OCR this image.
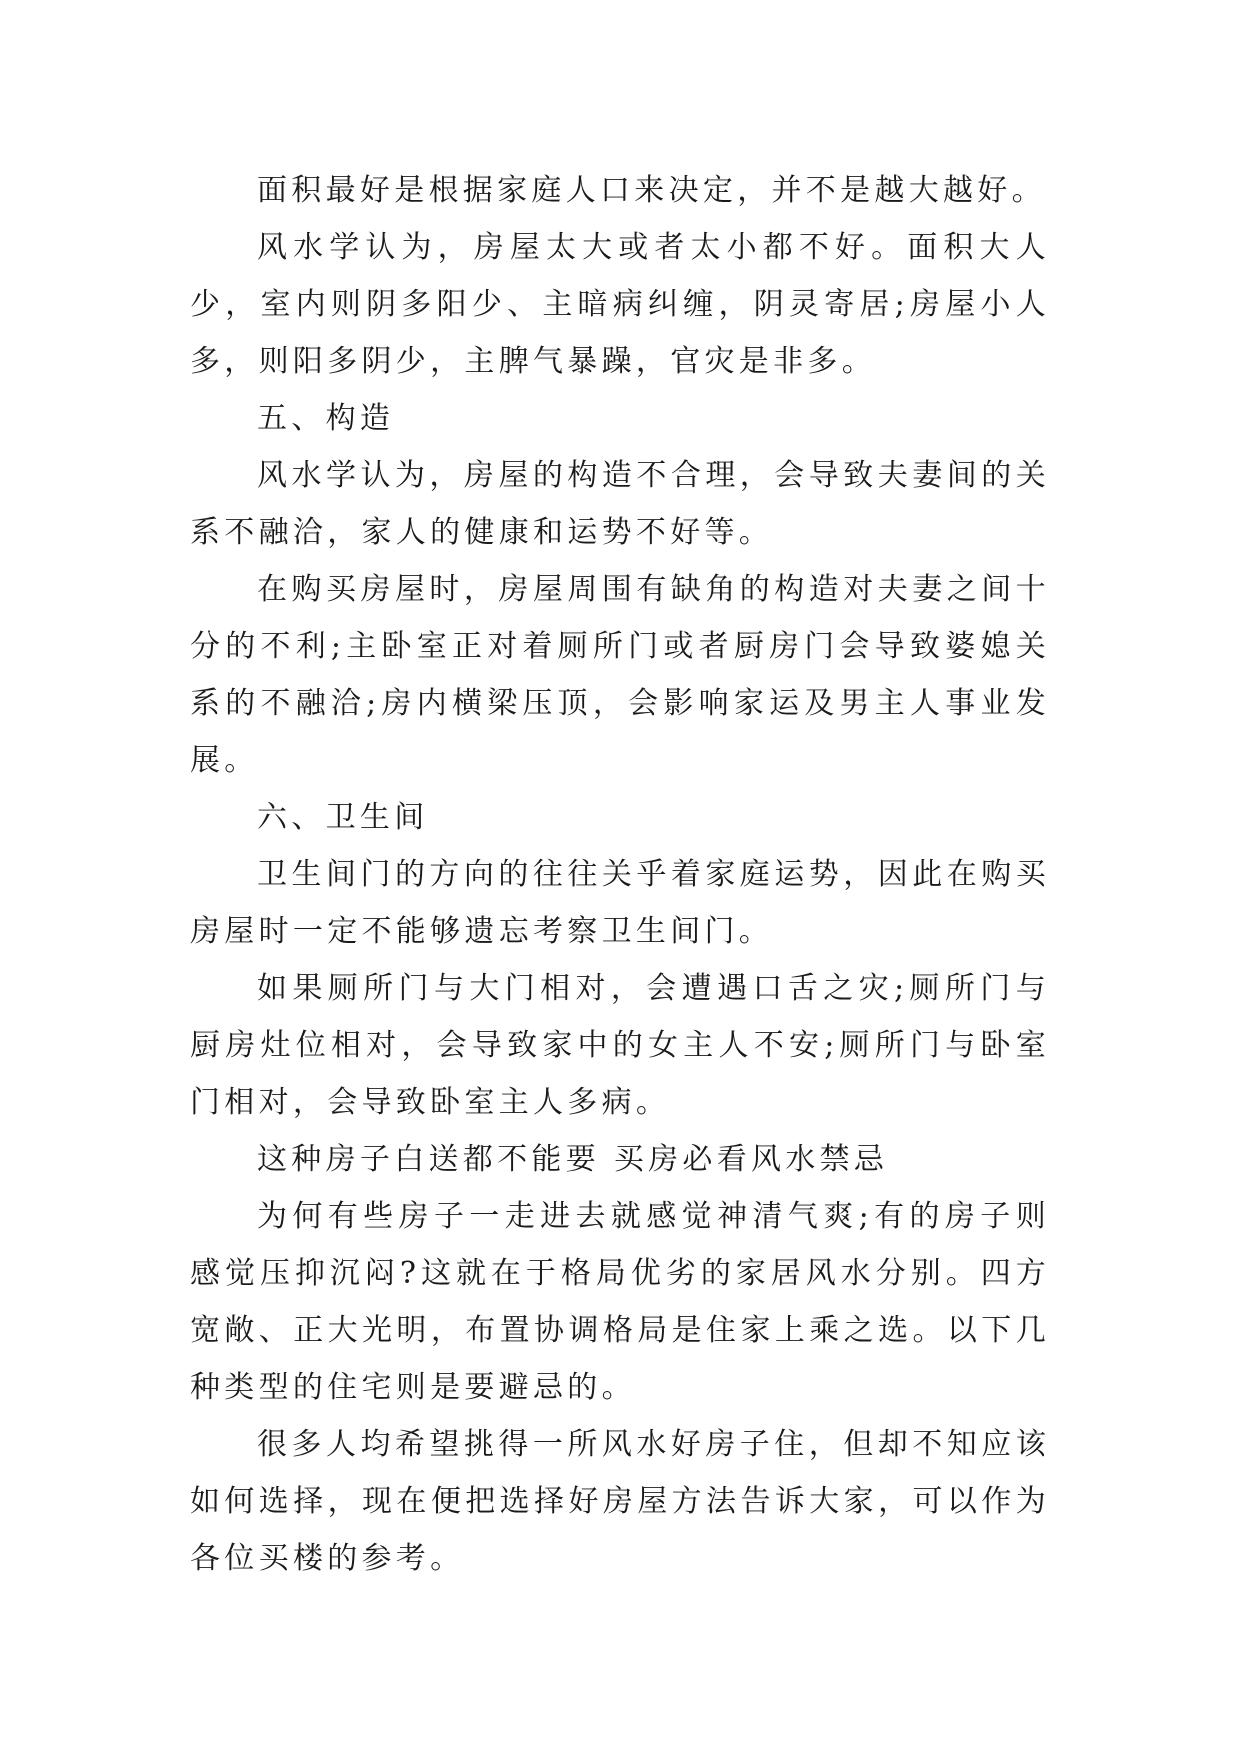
面积最好是根据家庭人口来决定，并不是越大越好。

风水学认为，房屋太大或者太小都不好。面积大人少，室内则阴多阳少、主暗病纠缠，阴灵寄居;房屋小人多，则阳多阴少，主脾气暴躁，官灾是非多。

五、构造

风水学认为，房屋的构造不合理，会导致夫妻间的关系不融洽，家人的健康和运势不好等。

在购买房屋时，房屋周围有缺角的构造对夫妻之间十分的不利;主卧室正对着厕所门或者厨房门会导致婆媳关系的不融洽;房内横梁压顶，会影响家运及男主人事业发展。

六、卫生间

卫生间门的方向的往往关乎着家庭运势，因此在购买房屋时一定不能够遗忘考察卫生间门。

如果厕所门与大门相对，会遭遇口舌之灾;厕所门与厨房灶位相对，会导致家中的女主人不安;厕所门与卧室门相对，会导致卧室主人多病。

这种房子白送都不能要 买房必看风水禁忌

为何有些房子一走进去就感觉神清气爽;有的房子则感觉压抑沉闷?这就在于格局优劣的家居风水分别。四方宽敞、正大光明，布置协调格局是住家上乘之选。以下几种类型的住宅则是要避忌的。

很多人均希望挑得一所风水好房子住，但却不知应该如何选择，现在便把选择好房屋方法告诉大家，可以作为各位买楼的参考。
